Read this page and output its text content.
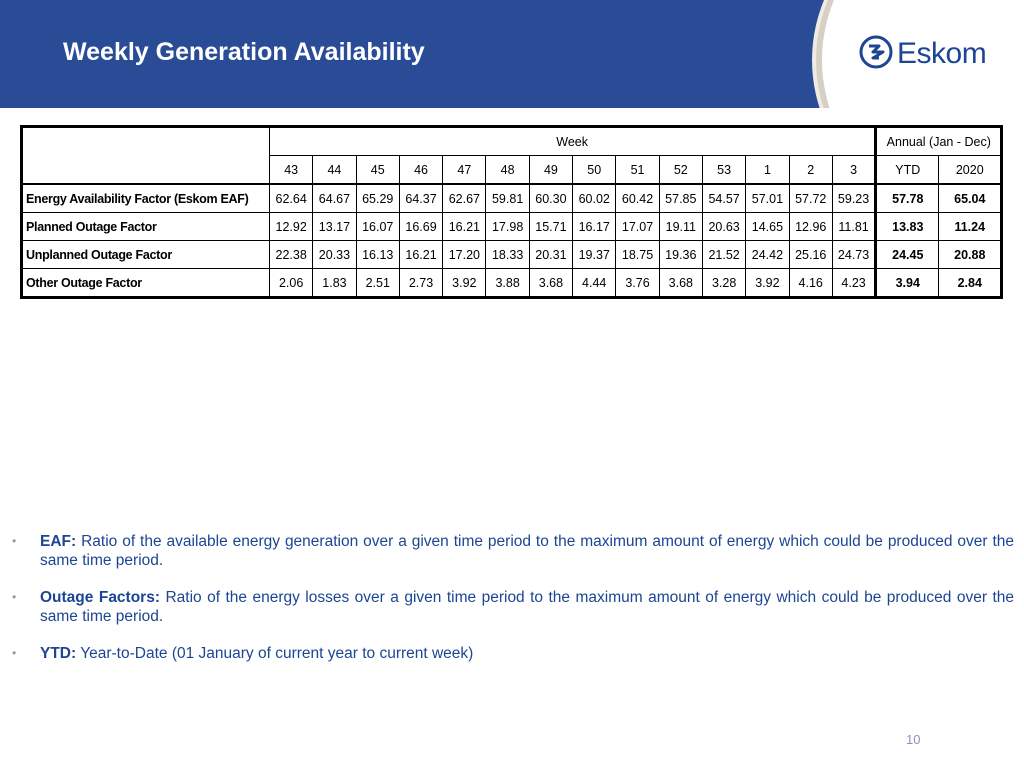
Weekly Generation Availability	Eskom
	Week														Annual (Jan - Dec)	
	43	44	45	46	47	48	49	50	51	52	53	1	2	3	YTD	2020
Energy Availability Factor (Eskom EAF)	62.64	64.67	65.29	64.37	62.67	59.81	60.30	60.02	60.42	57.85	54.57	57.01	57.72	59.23	57.78	65.04
Planned Outage Factor	12.92	13.17	16.07	16.69	16.21	17.98	15.71	16.17	17.07	19.11	20.63	14.65	12.96	11.81	13.83	11.24
Unplanned Outage Factor	22.38	20.33	16.13	16.21	17.20	18.33	20.31	19.37	18.75	19.36	21.52	24.42	25.16	24.73	24.45	20.88
Other Outage Factor	2.06	1.83	2.51	2.73	3.92	3.88	3.68	4.44	3.76	3.68	3.28	3.92	4.16	4.23	3.94	2.84
• EAF: Ratio of the available energy generation over a given time period to the maximum amount of energy which could be produced over the same time period.
• Outage Factors: Ratio of the energy losses over a given time period to the maximum amount of energy which could be produced over the same time period.
• YTD: Year-to-Date (01 January of current year to current week)
10
